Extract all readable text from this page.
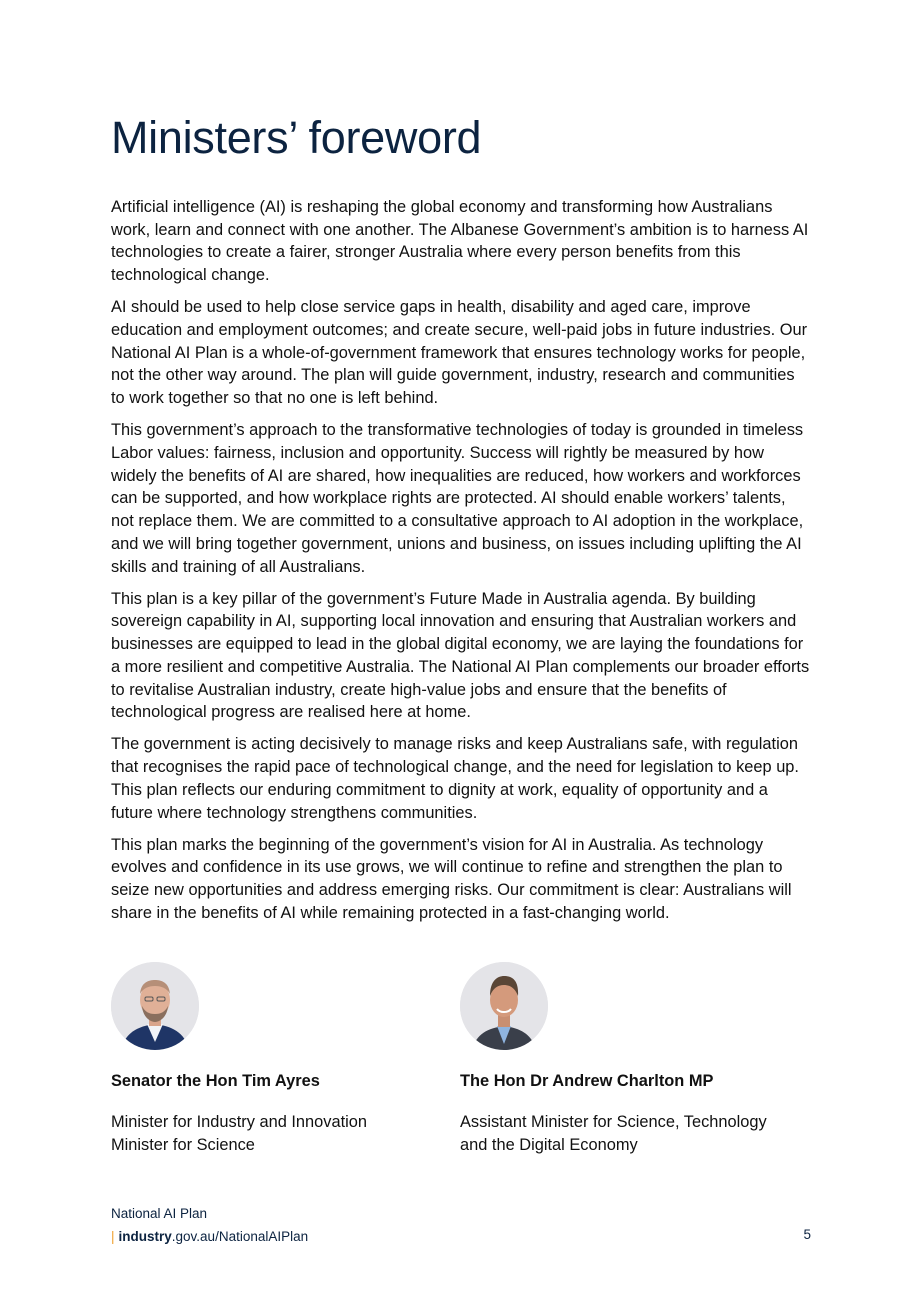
Ministers’ foreword

Artificial intelligence (AI) is reshaping the global economy and transforming how Australians work, learn and connect with one another. The Albanese Government’s ambition is to harness AI technologies to create a fairer, stronger Australia where every person benefits from this technological change.

AI should be used to help close service gaps in health, disability and aged care, improve education and employment outcomes; and create secure, well-paid jobs in future industries. Our National AI Plan is a whole-of-government framework that ensures technology works for people, not the other way around. The plan will guide government, industry, research and communities to work together so that no one is left behind.

This government’s approach to the transformative technologies of today is grounded in timeless Labor values: fairness, inclusion and opportunity. Success will rightly be measured by how widely the benefits of AI are shared, how inequalities are reduced, how workers and workforces can be supported, and how workplace rights are protected. AI should enable workers’ talents, not replace them. We are committed to a consultative approach to AI adoption in the workplace, and we will bring together government, unions and business, on issues including uplifting the AI skills and training of all Australians.

This plan is a key pillar of the government’s Future Made in Australia agenda. By building sovereign capability in AI, supporting local innovation and ensuring that Australian workers and businesses are equipped to lead in the global digital economy, we are laying the foundations for a more resilient and competitive Australia. The National AI Plan complements our broader efforts to revitalise Australian industry, create high-value jobs and ensure that the benefits of technological progress are realised here at home.

The government is acting decisively to manage risks and keep Australians safe, with regulation that recognises the rapid pace of technological change, and the need for legislation to keep up. This plan reflects our enduring commitment to dignity at work, equality of opportunity and a future where technology strengthens communities.

This plan marks the beginning of the government’s vision for AI in Australia. As technology evolves and confidence in its use grows, we will continue to refine and strengthen the plan to seize new opportunities and address emerging risks. Our commitment is clear: Australians will share in the benefits of AI while remaining protected in a fast-changing world.

Senator the Hon Tim Ayres
Minister for Industry and Innovation
Minister for Science
The Hon Dr Andrew Charlton MP
Assistant Minister for Science, Technology
and the Digital Economy
National AI Plan
| industry.gov.au/NationalAIPlan	5
